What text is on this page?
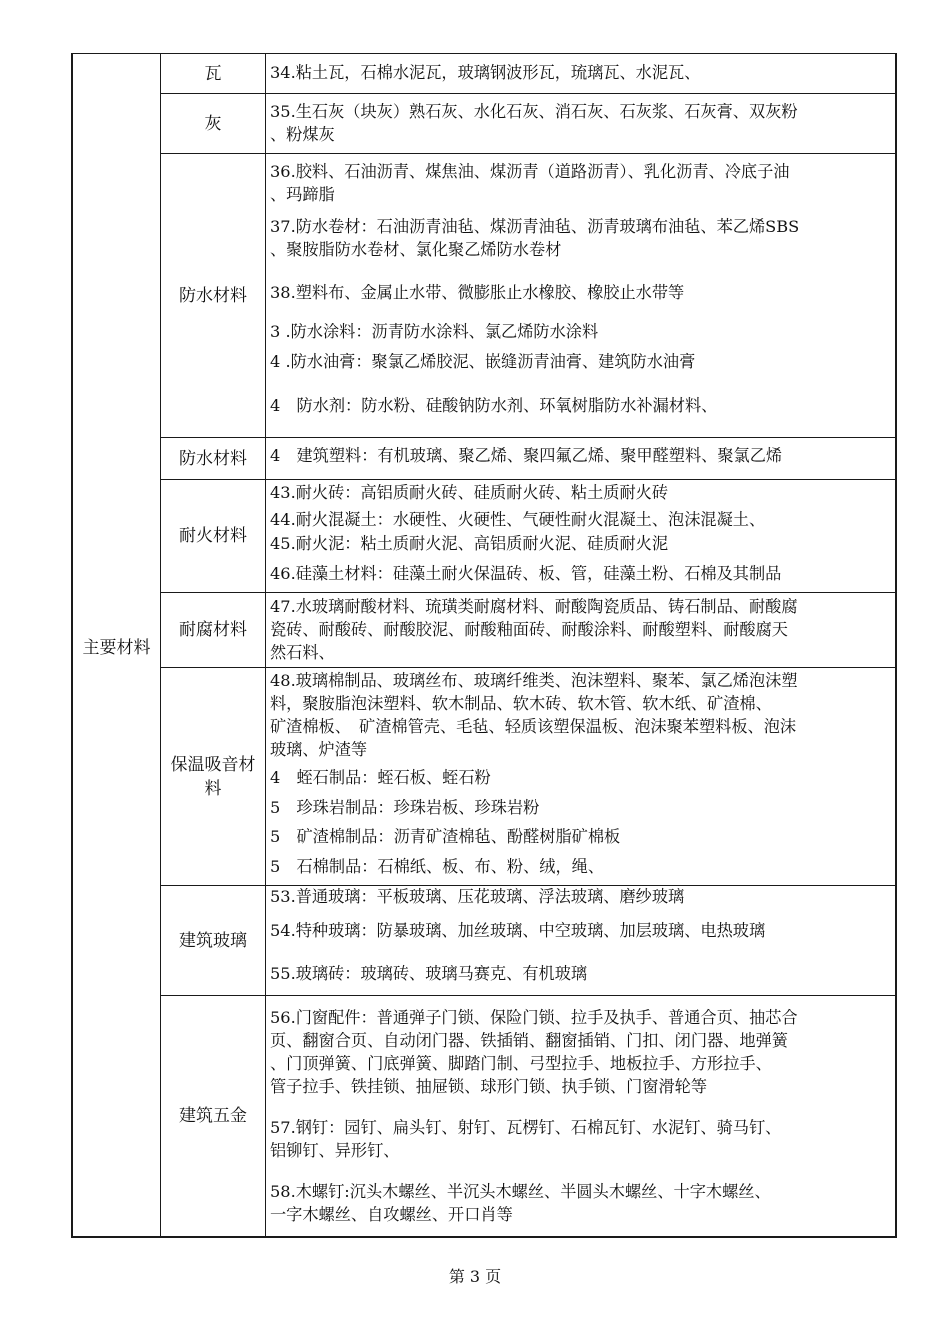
主要材料
瓦
灰
防水材料
防水材料
耐火材料
耐腐材料
保温吸音材
料
建筑玻璃
建筑五金
34.粘土瓦，石棉水泥瓦，玻璃钢波形瓦，琉璃瓦、水泥瓦、
35.生石灰（块灰）熟石灰、水化石灰、消石灰、石灰浆、石灰膏、双灰粉
、粉煤灰
36.胶料、石油沥青、煤焦油、煤沥青（道路沥青）、乳化沥青、冷底子油
、玛蹄脂
37.防水卷材：石油沥青油毡、煤沥青油毡、沥青玻璃布油毡、苯乙烯SBS
、聚胺脂防水卷材、氯化聚乙烯防水卷材
38.塑料布、金属止水带、微膨胀止水橡胶、橡胶止水带等
3 .防水涂料：沥青防水涂料、氯乙烯防水涂料
4 .防水油膏：聚氯乙烯胶泥、嵌缝沥青油膏、建筑防水油膏
4　防水剂：防水粉、硅酸钠防水剂、环氧树脂防水补漏材料、
4　建筑塑料：有机玻璃、聚乙烯、聚四氟乙烯、聚甲醛塑料、聚氯乙烯
43.耐火砖：高铝质耐火砖、硅质耐火砖、粘土质耐火砖
44.耐火混凝土：水硬性、火硬性、气硬性耐火混凝土、泡沫混凝土、
45.耐火泥：粘土质耐火泥、高铝质耐火泥、硅质耐火泥
46.硅藻土材料：硅藻土耐火保温砖、板、管，硅藻土粉、石棉及其制品
47.水玻璃耐酸材料、琉璜类耐腐材料、耐酸陶瓷质品、铸石制品、耐酸腐
瓷砖、耐酸砖、耐酸胶泥、耐酸釉面砖、耐酸涂料、耐酸塑料、耐酸腐天
然石料、
48.玻璃棉制品、玻璃丝布、玻璃纤维类、泡沫塑料、聚苯、氯乙烯泡沫塑
料，聚胺脂泡沫塑料、软木制品、软木砖、软木管、软木纸、矿渣棉、
矿渣棉板、　矿渣棉管壳、毛毡、轻质该塑保温板、泡沫聚苯塑料板、泡沫
玻璃、炉渣等
4　蛭石制品：蛭石板、蛭石粉
5　珍珠岩制品：珍珠岩板、珍珠岩粉
5　矿渣棉制品：沥青矿渣棉毡、酚醛树脂矿棉板
5　石棉制品：石棉纸、板、布、粉、绒，绳、
53.普通玻璃：平板玻璃、压花玻璃、浮法玻璃、磨纱玻璃
54.特种玻璃：防暴玻璃、加丝玻璃、中空玻璃、加层玻璃、电热玻璃
55.玻璃砖：玻璃砖、玻璃马赛克、有机玻璃
56.门窗配件：普通弹子门锁、保险门锁、拉手及执手、普通合页、抽芯合
页、翻窗合页、自动闭门器、铁插销、翻窗插销、门扣、闭门器、地弹簧
、门顶弹簧、门底弹簧、脚踏门制、弓型拉手、地板拉手、方形拉手、
管子拉手、铁挂锁、抽屉锁、球形门锁、执手锁、门窗滑轮等
57.钢钉：园钉、扁头钉、射钉、瓦楞钉、石棉瓦钉、水泥钉、骑马钉、
铝铆钉、异形钉、
58.木螺钉:沉头木螺丝、半沉头木螺丝、半圆头木螺丝、十字木螺丝、
一字木螺丝、自攻螺丝、开口肖等
第 3 页
